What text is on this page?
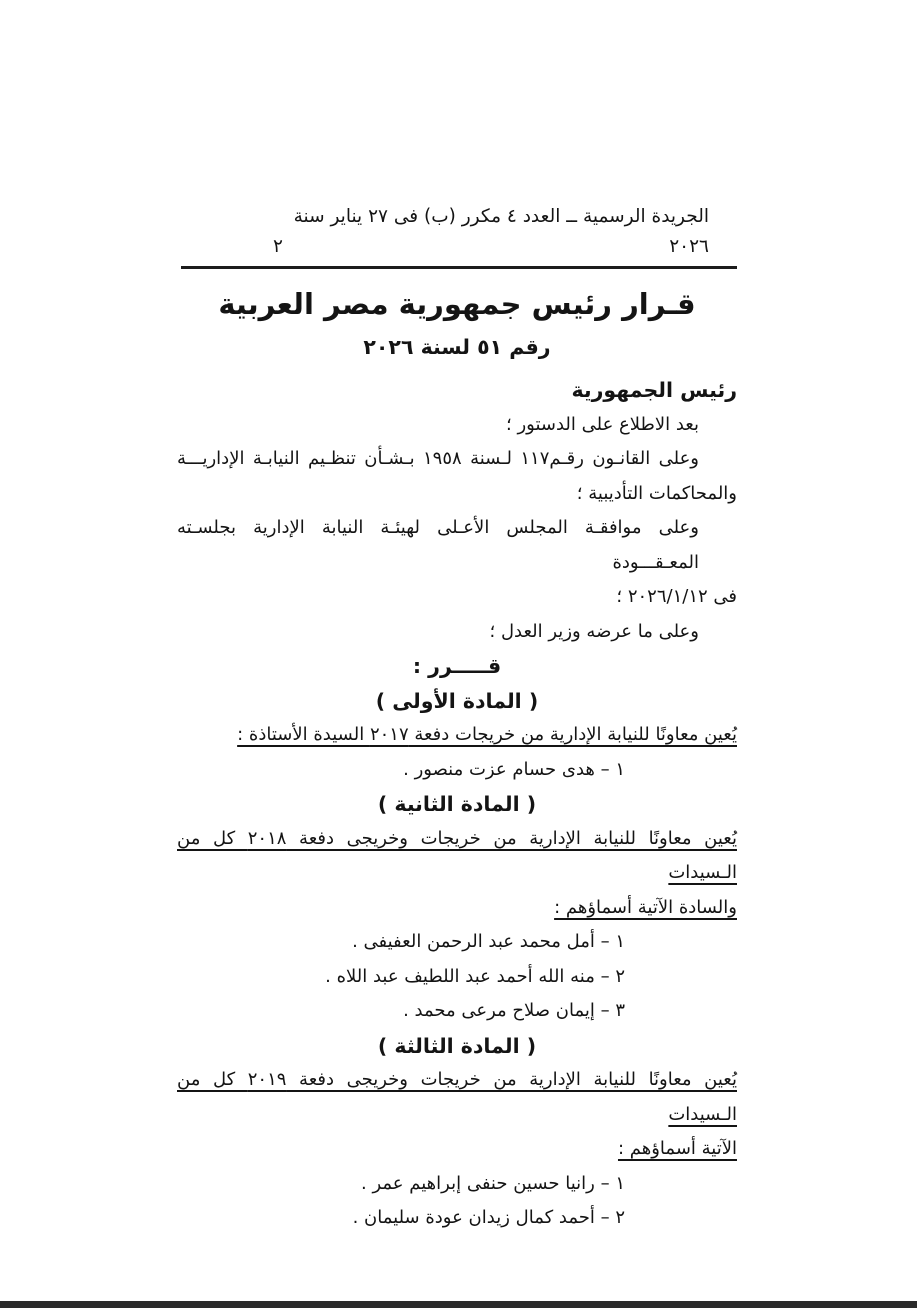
الجريدة الرسمية ــ العدد ٤ مكرر (ب) فى ٢٧ يناير سنة ٢٠٢٦
٢
قـرار رئيس جمهورية مصر العربية
رقم ٥١ لسنة ٢٠٢٦
رئيس الجمهورية
بعد الاطلاع على الدستور ؛
وعلى القانـون رقـم١١٧ لـسنة ١٩٥٨ بـشـأن تنظـيم النيابـة الإداريـــة
والمحاكمات التأديبية ؛
وعلى موافقـة المجلس الأعـلى لهيئـة النيابة الإدارية بجلسـته المعـقـــودة
فى ٢٠٢٦/١/١٢ ؛
وعلى ما عرضه وزير العدل ؛
قـــــرر :
( المادة الأولى )
يُعين معاونًا للنيابة الإدارية من خريجات دفعة ٢٠١٧ السيدة الأستاذة :
١ – هدى حسام عزت منصور .
( المادة الثانية )
يُعين معاونًا للنيابة الإدارية من خريجات وخريجى دفعة ٢٠١٨ كل من الـسيدات
والسادة الآتية أسماؤهم :
١ – أمل محمد عبد الرحمن العفيفى .
٢ – منه الله أحمد عبد اللطيف عبد اللاه .
٣ – إيمان صلاح مرعى محمد .
( المادة الثالثة )
يُعين معاونًا للنيابة الإدارية من خريجات وخريجى دفعة ٢٠١٩ كل من الـسيدات
الآتية أسماؤهم :
١ – رانيا حسين حنفى إبراهيم عمر .
٢ – أحمد كمال زيدان عودة سليمان .
